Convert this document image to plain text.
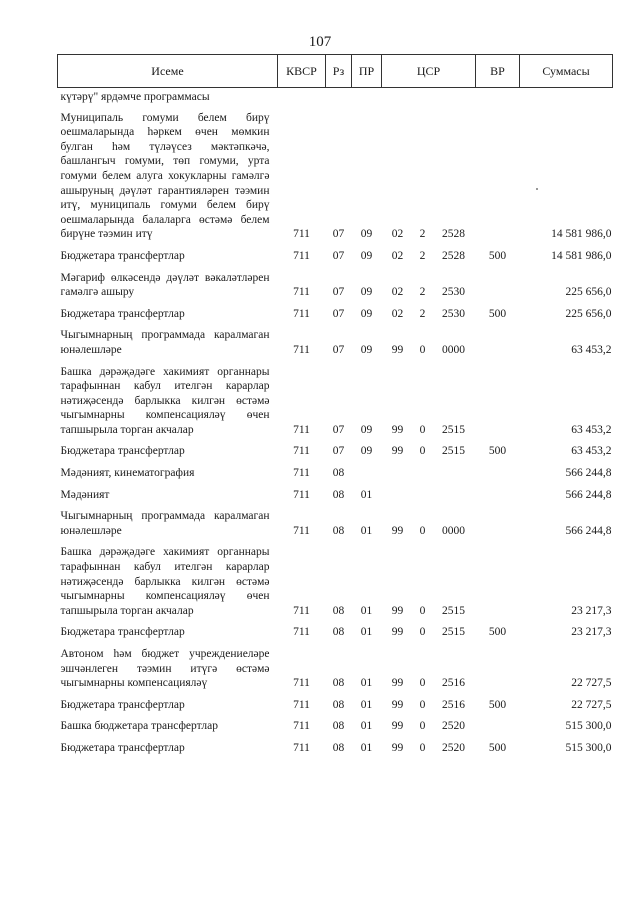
107
Исеме	КВСР	Рз	ПР	ЦСР			ВР	Суммасы
күтәрү" ярдәмче программасы								
Муниципаль гомуми белем бирү оешмаларында һәркем өчен мөмкин булган һәм түләүсез мәктәпкәчә, башлангыч гомуми, төп гомуми, урта гомуми белем алуга хокукларны гамәлгә ашыруның дәүләт гарантияләрен тәэмин итү, муниципаль гомуми белем бирү оешмаларында балаларга өстәмә белем бирүне тәэмин итү	711	07	09	02	2	2528		14 581 986,0
Бюджетара трансфертлар	711	07	09	02	2	2528	500	14 581 986,0
Мәгариф өлкәсендә дәүләт вәкаләтләрен гамәлгә ашыру	711	07	09	02	2	2530		225 656,0
Бюджетара трансфертлар	711	07	09	02	2	2530	500	225 656,0
Чыгымнарның программада каралмаган юнәлешләре	711	07	09	99	0	0000		63 453,2
Башка дәрәҗәдәге хакимият органнары тарафыннан кабул ителгән карарлар нәтиҗәсендә барлыкка килгән өстәмә чыгымнарны компенсацияләү өчен тапшырыла торган акчалар	711	07	09	99	0	2515		63 453,2
Бюджетара трансфертлар	711	07	09	99	0	2515	500	63 453,2
Мәдәният, кинематография	711	08						566 244,8
Мәдәният	711	08	01					566 244,8
Чыгымнарның программада каралмаган юнәлешләре	711	08	01	99	0	0000		566 244,8
Башка дәрәҗәдәге хакимият органнары тарафыннан кабул ителгән карарлар нәтиҗәсендә барлыкка килгән өстәмә чыгымнарны компенсацияләү өчен тапшырыла торган акчалар	711	08	01	99	0	2515		23 217,3
Бюджетара трансфертлар	711	08	01	99	0	2515	500	23 217,3
Автоном һәм бюджет учреждениеләре эшчәнлеген тәэмин итүгә өстәмә чыгымнарны компенсацияләү	711	08	01	99	0	2516		22 727,5
Бюджетара трансфертлар	711	08	01	99	0	2516	500	22 727,5
Башка бюджетара трансфертлар	711	08	01	99	0	2520		515 300,0
Бюджетара трансфертлар	711	08	01	99	0	2520	500	515 300,0
